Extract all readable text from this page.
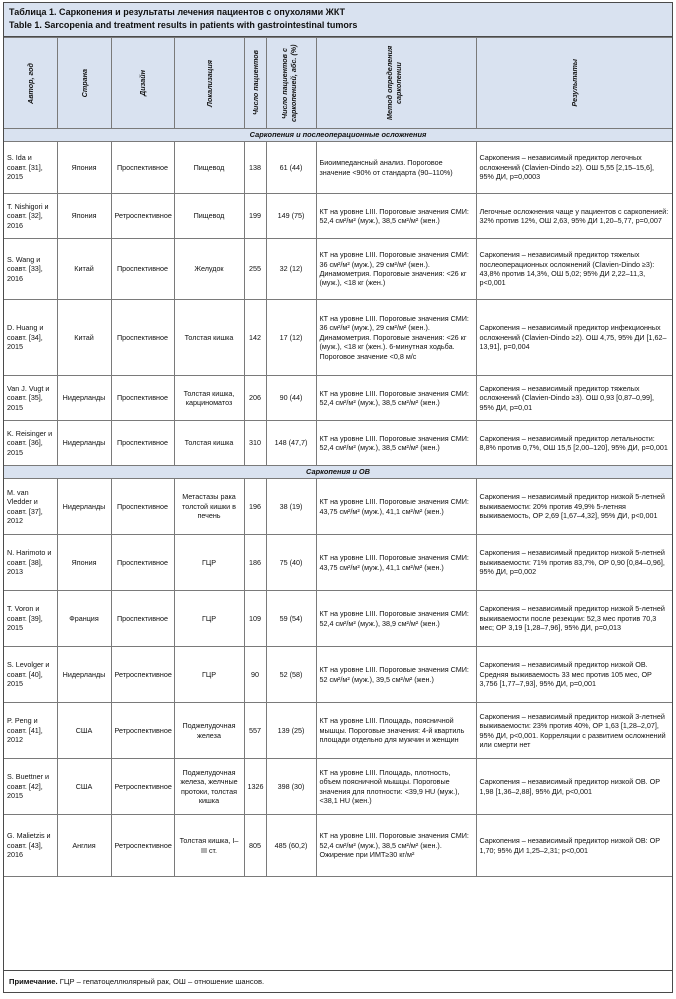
Таблица 1. Саркопения и результаты лечения пациентов с опухолями ЖКТ
Table 1. Sarcopenia and treatment results in patients with gastrointestinal tumors
Автор, год	Страна	Дизайн	Локализация	Число пациентов	Число пациентов с саркопенией, абс. (%)	Метод определения саркопении	Результаты

Саркопения и послеоперационные осложнения							
S. Ida и соавт. [31], 2015	Япония	Проспективное	Пищевод	138	61 (44)	Биоимпедансный анализ. Пороговое значение <90% от стандарта (90–110%)	Саркопения – независимый предиктор легочных осложнений (Clavien-Dindo ≥2). ОШ 5,55 [2,15–15,6], 95% ДИ, p=0,0003
T. Nishigori и соавт. [32], 2016	Япония	Ретроспективное	Пищевод	199	149 (75)	КТ на уровне LIII. Пороговые значения СМИ: 52,4 см²/м² (муж.), 38,5 см²/м² (жен.)	Легочные осложнения чаще у пациентов с саркопенией: 32% против 12%, ОШ 2,63, 95% ДИ 1,20–5,77, p=0,007
S. Wang и соавт. [33], 2016	Китай	Проспективное	Желудок	255	32 (12)	КТ на уровне LIII. Пороговые значения СМИ: 36 см²/м² (муж.), 29 см²/м² (жен.). Динамометрия. Пороговые значения: <26 кг (муж.), <18 кг (жен.)	Саркопения – независимый предиктор тяжелых послеоперационных осложнений (Clavien-Dindo ≥3): 43,8% против 14,3%, ОШ 5,02; 95% ДИ 2,22–11,3, p<0,001
D. Huang и соавт. [34], 2015	Китай	Проспективное	Толстая кишка	142	17 (12)	КТ на уровне LIII. Пороговые значения СМИ: 36 см²/м² (муж.), 29 см²/м² (жен.). Динамометрия. Пороговые значения: <26 кг (муж.), <18 кг (жен.). 6-минутная ходьба. Пороговое значение <0,8 м/с	Саркопения – независимый предиктор инфекционных осложнений (Clavien-Dindo ≥2). ОШ 4,75, 95% ДИ [1,62–13,91], p=0,004
Van J. Vugt и соавт. [35], 2015	Нидерланды	Проспективное	Толстая кишка, карциноматоз	206	90 (44)	КТ на уровне LIII. Пороговые значения СМИ: 52,4 см²/м² (муж.), 38,5 см²/м² (жен.)	Саркопения – независимый предиктор тяжелых осложнений (Clavien-Dindo ≥3). ОШ 0,93 [0,87–0,99], 95% ДИ, p=0,01
K. Reisinger и соавт. [36], 2015	Нидерланды	Проспективное	Толстая кишка	310	148 (47,7)	КТ на уровне LIII. Пороговые значения СМИ: 52,4 см²/м² (муж.), 38,5 см²/м² (жен.)	Саркопения – независимый предиктор летальности: 8,8% против 0,7%, ОШ 15,5 [2,00–120], 95% ДИ, p=0,001
Саркопения и ОВ							
M. van Vledder и соавт. [37], 2012	Нидерланды	Проспективное	Метастазы рака толстой кишки в печень	196	38 (19)	КТ на уровне LIII. Пороговые значения СМИ: 43,75 см²/м² (муж.), 41,1 см²/м² (жен.)	Саркопения – независимый предиктор низкой 5-летней выживаемости: 20% против 49,9% 5-летняя выживаемость, ОР 2,69 [1,67–4,32], 95% ДИ, p<0,001
N. Harimoto и соавт. [38], 2013	Япония	Проспективное	ГЦР	186	75 (40)	КТ на уровне LIII. Пороговые значения СМИ: 43,75 см²/м² (муж.), 41,1 см²/м² (жен.)	Саркопения – независимый предиктор низкой 5-летней выживаемости: 71% против 83,7%, ОР 0,90 [0,84–0,96], 95% ДИ, p=0,002
T. Voron и соавт. [39], 2015	Франция	Проспективное	ГЦР	109	59 (54)	КТ на уровне LIII. Пороговые значения СМИ: 52,4 см²/м² (муж.), 38,9 см²/м² (жен.)	Саркопения – независимый предиктор низкой 5-летней выживаемости после резекции: 52,3 мес против 70,3 мес; ОР 3,19 [1,28–7,96], 95% ДИ, p=0,013
S. Levolger и соавт. [40], 2015	Нидерланды	Ретроспективное	ГЦР	90	52 (58)	КТ на уровне LIII. Пороговые значения СМИ: 52 см²/м² (муж.), 39,5 см²/м² (жен.)	Саркопения – независимый предиктор низкой ОВ. Средняя выживаемость 33 мес против 105 мес, ОР 3,756 [1,77–7,93], 95% ДИ, p=0,001
P. Peng и соавт. [41], 2012	США	Ретроспективное	Поджелудочная железа	557	139 (25)	КТ на уровне LIII. Площадь, поясничной мышцы. Пороговые значения: 4-й квартиль площади отдельно для мужчин и женщин	Саркопения – независимый предиктор низкой 3-летней выживаемости: 23% против 40%, ОР 1,63 [1,28–2,07], 95% ДИ, p<0,001. Корреляции с развитием осложнений или смерти нет
S. Buettner и соавт. [42], 2015	США	Ретроспективное	Поджелудочная железа, желчные протоки, толстая кишка	1326	398 (30)	КТ на уровне LIII. Площадь, плотность, объем поясничной мышцы. Пороговые значения для плотности: <39,9 HU (муж.), <38,1 HU (жен.)	Саркопения – независимый предиктор низкой ОВ. ОР 1,98 [1,36–2,88], 95% ДИ, p<0,001
G. Malietzis и соавт. [43], 2016	Англия	Ретроспективное	Толстая кишка, I–III ст.	805	485 (60,2)	КТ на уровне LIII. Пороговые значения СМИ: 52,4 см²/м² (муж.), 38,5 см²/м² (жен.). Ожирение при ИМТ≥30 кг/м²	Саркопения – независимый предиктор низкой ОВ: ОР 1,70; 95% ДИ 1,25–2,31; p<0,001
Примечание. ГЦР – гепатоцеллюлярный рак, ОШ – отношение шансов.
